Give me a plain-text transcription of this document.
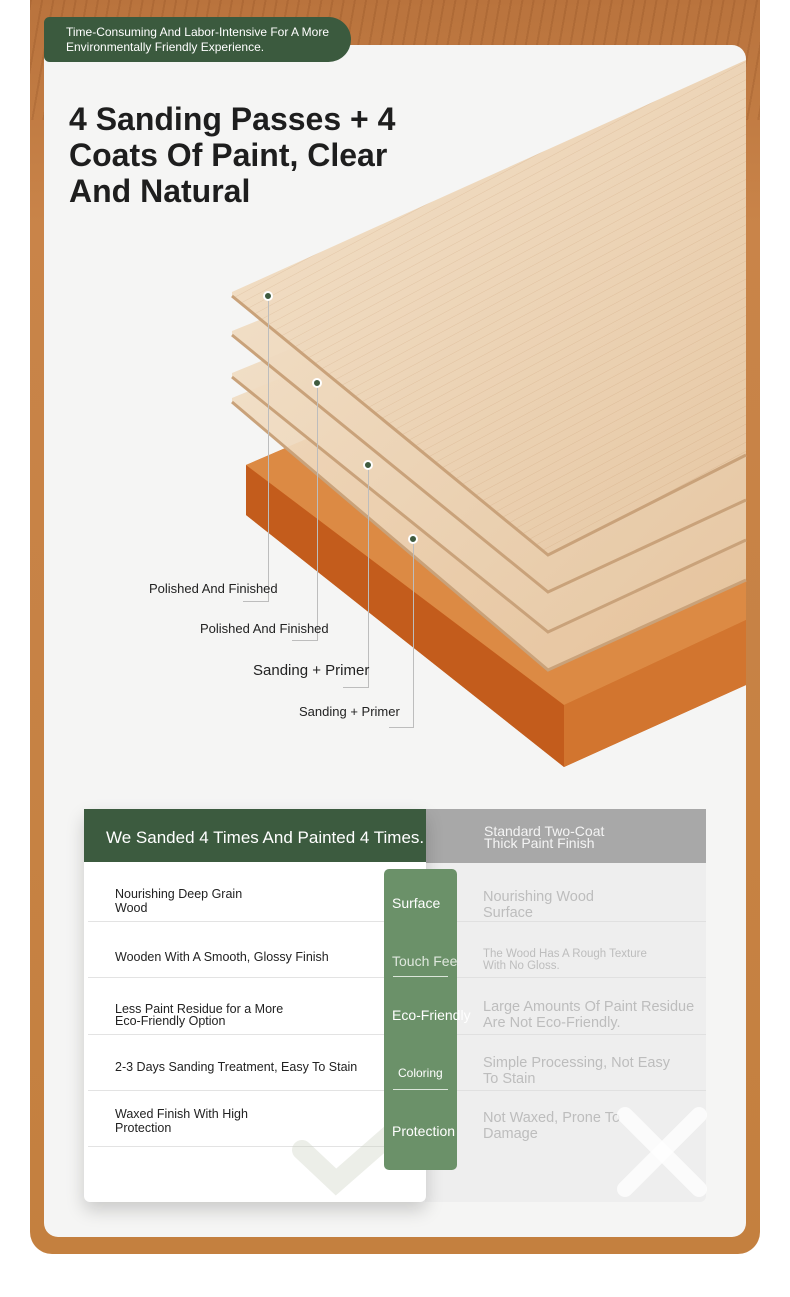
Time-Consuming And Labor-Intensive For A More Environmentally Friendly Experience.
4 Sanding Passes + 4 Coats Of Paint, Clear And Natural
Polished And Finished
Polished And Finished
Sanding + Primer
Sanding + Primer
We Sanded 4 Times And Painted 4 Times.
Nourishing Deep Grain Wood
Wooden With A Smooth, Glossy Finish
Less Paint Residue for a More Eco-Friendly Option
2-3 Days Sanding Treatment, Easy To Stain
Waxed Finish With High Protection
Standard Two-Coat Thick Paint Finish
Nourishing Wood Surface
The Wood Has A Rough Texture With No Gloss.
Large Amounts Of Paint Residue Are Not Eco-Friendly.
Simple Processing, Not Easy To Stain
Not Waxed, Prone To Damage
Surface
Touch Fee
Eco-Friendly
Coloring
Protection
